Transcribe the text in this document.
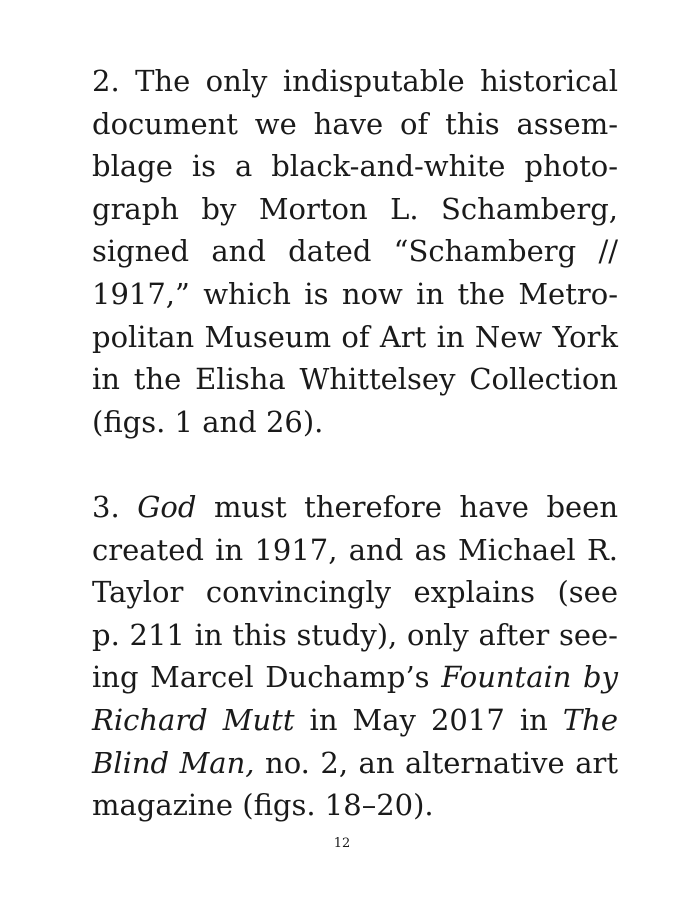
2. The only indisputable historical
document we have of this assem-
blage is a black-and-white photo-
graph by Morton L. Schamberg,
signed and dated “Schamberg //
1917,” which is now in the Metro-
politan Museum of Art in New York
in the Elisha Whittelsey Collection
(figs. 1 and 26).
3. God must therefore have been
created in 1917, and as Michael R.
Taylor convincingly explains (see
p. 211 in this study), only after see-
ing Marcel Duchamp’s Fountain by
Richard Mutt in May 2017 in The
Blind Man, no. 2, an alternative art
magazine (figs. 18–20).
12
